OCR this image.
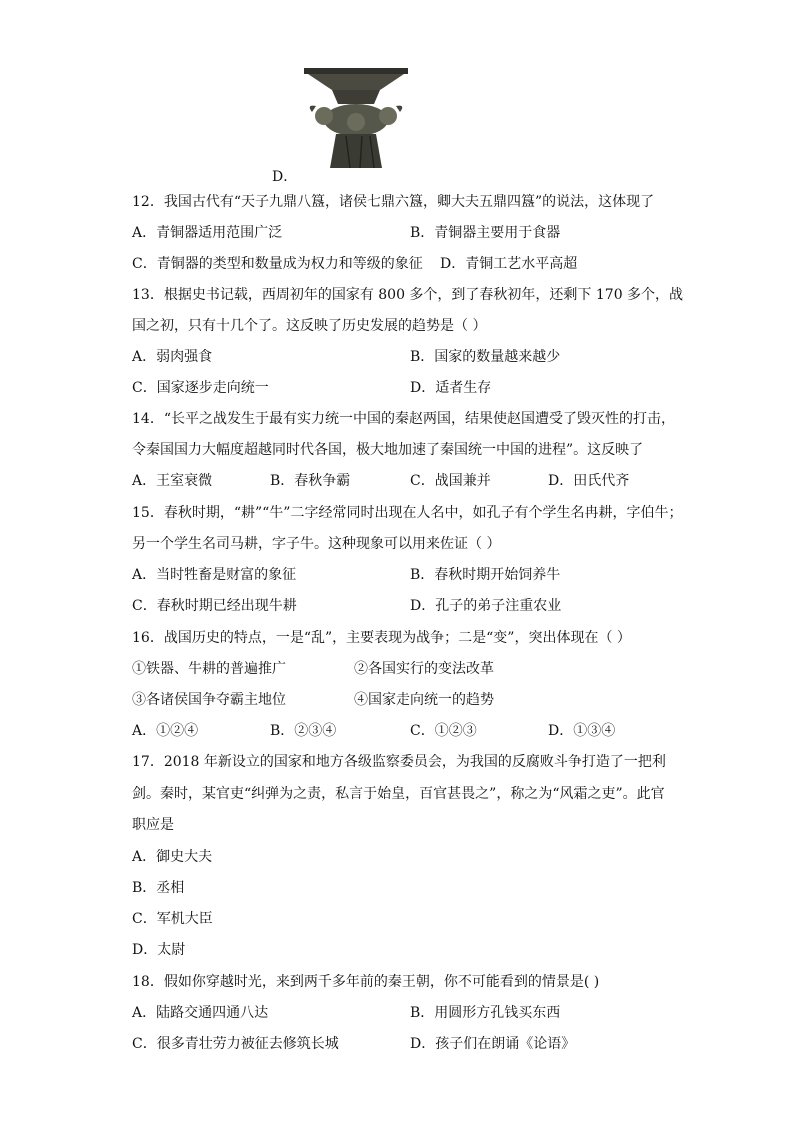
D．
12．我国古代有“天子九鼎八簋，诸侯七鼎六簋，卿大夫五鼎四簋”的说法，这体现了
A．青铜器适用范围广泛	B．青铜器主要用于食器
C．青铜器的类型和数量成为权力和等级的象征 D．青铜工艺水平高超
13．根据史书记载，西周初年的国家有 800 多个，到了春秋初年，还剩下 170 多个，战
国之初，只有十几个了。这反映了历史发展的趋势是（ ）
A．弱肉强食	B．国家的数量越来越少
C．国家逐步走向统一	D．适者生存
14．“长平之战发生于最有实力统一中国的秦赵两国，结果使赵国遭受了毁灭性的打击，
令秦国国力大幅度超越同时代各国，极大地加速了秦国统一中国的进程”。这反映了
A．王室衰微	B．春秋争霸	C．战国兼并	D．田氏代齐
15．春秋时期，“耕”“牛”二字经常同时出现在人名中，如孔子有个学生名冉耕，字伯牛；
另一个学生名司马耕，字子牛。这种现象可以用来佐证（ ）
A．当时牲畜是财富的象征	B．春秋时期开始饲养牛
C．春秋时期已经出现牛耕	D．孔子的弟子注重农业
16．战国历史的特点，一是“乱”，主要表现为战争；二是“变”，突出体现在（ ）
①铁器、牛耕的普遍推广	②各国实行的变法改革
③各诸侯国争夺霸主地位	④国家走向统一的趋势
A．①②④	B．②③④	C．①②③	D．①③④
17．2018 年新设立的国家和地方各级监察委员会，为我国的反腐败斗争打造了一把利
剑。秦时，某官吏“纠弹为之责，私言于始皇，百官甚畏之”，称之为“风霜之吏”。此官
职应是
A．御史大夫
B．丞相
C．军机大臣
D．太尉
18．假如你穿越时光，来到两千多年前的秦王朝，你不可能看到的情景是( )
A．陆路交通四通八达	B．用圆形方孔钱买东西
C．很多青壮劳力被征去修筑长城	D．孩子们在朗诵《论语》
